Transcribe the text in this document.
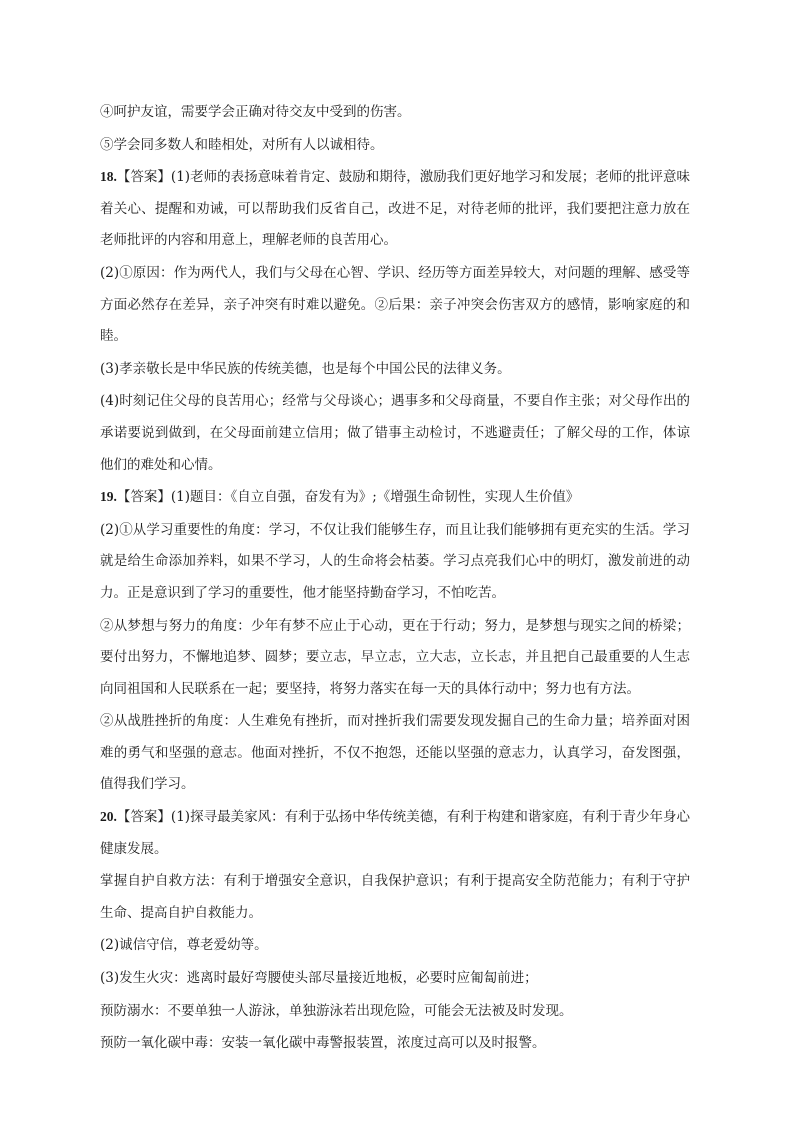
④呵护友谊，需要学会正确对待交友中受到的伤害。

⑤学会同多数人和睦相处，对所有人以诚相待。

18.【答案】(1)老师的表扬意味着肯定、鼓励和期待，激励我们更好地学习和发展；老师的批评意味着关心、提醒和劝诫，可以帮助我们反省自己，改进不足，对待老师的批评，我们要把注意力放在老师批评的内容和用意上，理解老师的良苦用心。

(2)①原因：作为两代人，我们与父母在心智、学识、经历等方面差异较大，对问题的理解、感受等方面必然存在差异，亲子冲突有时难以避免。②后果：亲子冲突会伤害双方的感情，影响家庭的和睦。

(3)孝亲敬长是中华民族的传统美德，也是每个中国公民的法律义务。

(4)时刻记住父母的良苦用心；经常与父母谈心；遇事多和父母商量，不要自作主张；对父母作出的承诺要说到做到，在父母面前建立信用；做了错事主动检讨，不逃避责任；了解父母的工作，体谅他们的难处和心情。

19.【答案】(1)题目：《自立自强，奋发有为》;《增强生命韧性，实现人生价值》

(2)①从学习重要性的角度：学习，不仅让我们能够生存，而且让我们能够拥有更充实的生活。学习就是给生命添加养料，如果不学习，人的生命将会枯萎。学习点亮我们心中的明灯，激发前进的动力。正是意识到了学习的重要性，他才能坚持勤奋学习，不怕吃苦。

②从梦想与努力的角度：少年有梦不应止于心动，更在于行动；努力，是梦想与现实之间的桥梁；要付出努力，不懈地追梦、圆梦；要立志，早立志，立大志，立长志，并且把自己最重要的人生志向同祖国和人民联系在一起；要坚持，将努力落实在每一天的具体行动中；努力也有方法。

②从战胜挫折的角度：人生难免有挫折，而对挫折我们需要发现发掘自己的生命力量；培养面对困难的勇气和坚强的意志。他面对挫折，不仅不抱怨，还能以坚强的意志力，认真学习，奋发图强，值得我们学习。

20.【答案】(1)探寻最美家风：有利于弘扬中华传统美德，有利于构建和谐家庭，有利于青少年身心健康发展。

掌握自护自救方法：有利于增强安全意识，自我保护意识；有利于提高安全防范能力；有利于守护生命、提高自护自救能力。

(2)诚信守信，尊老爱幼等。

(3)发生火灾：逃离时最好弯腰使头部尽量接近地板，必要时应匍匐前进；

预防溺水：不要单独一人游泳，单独游泳若出现危险，可能会无法被及时发现。

预防一氧化碳中毒：安装一氧化碳中毒警报装置，浓度过高可以及时报警。
